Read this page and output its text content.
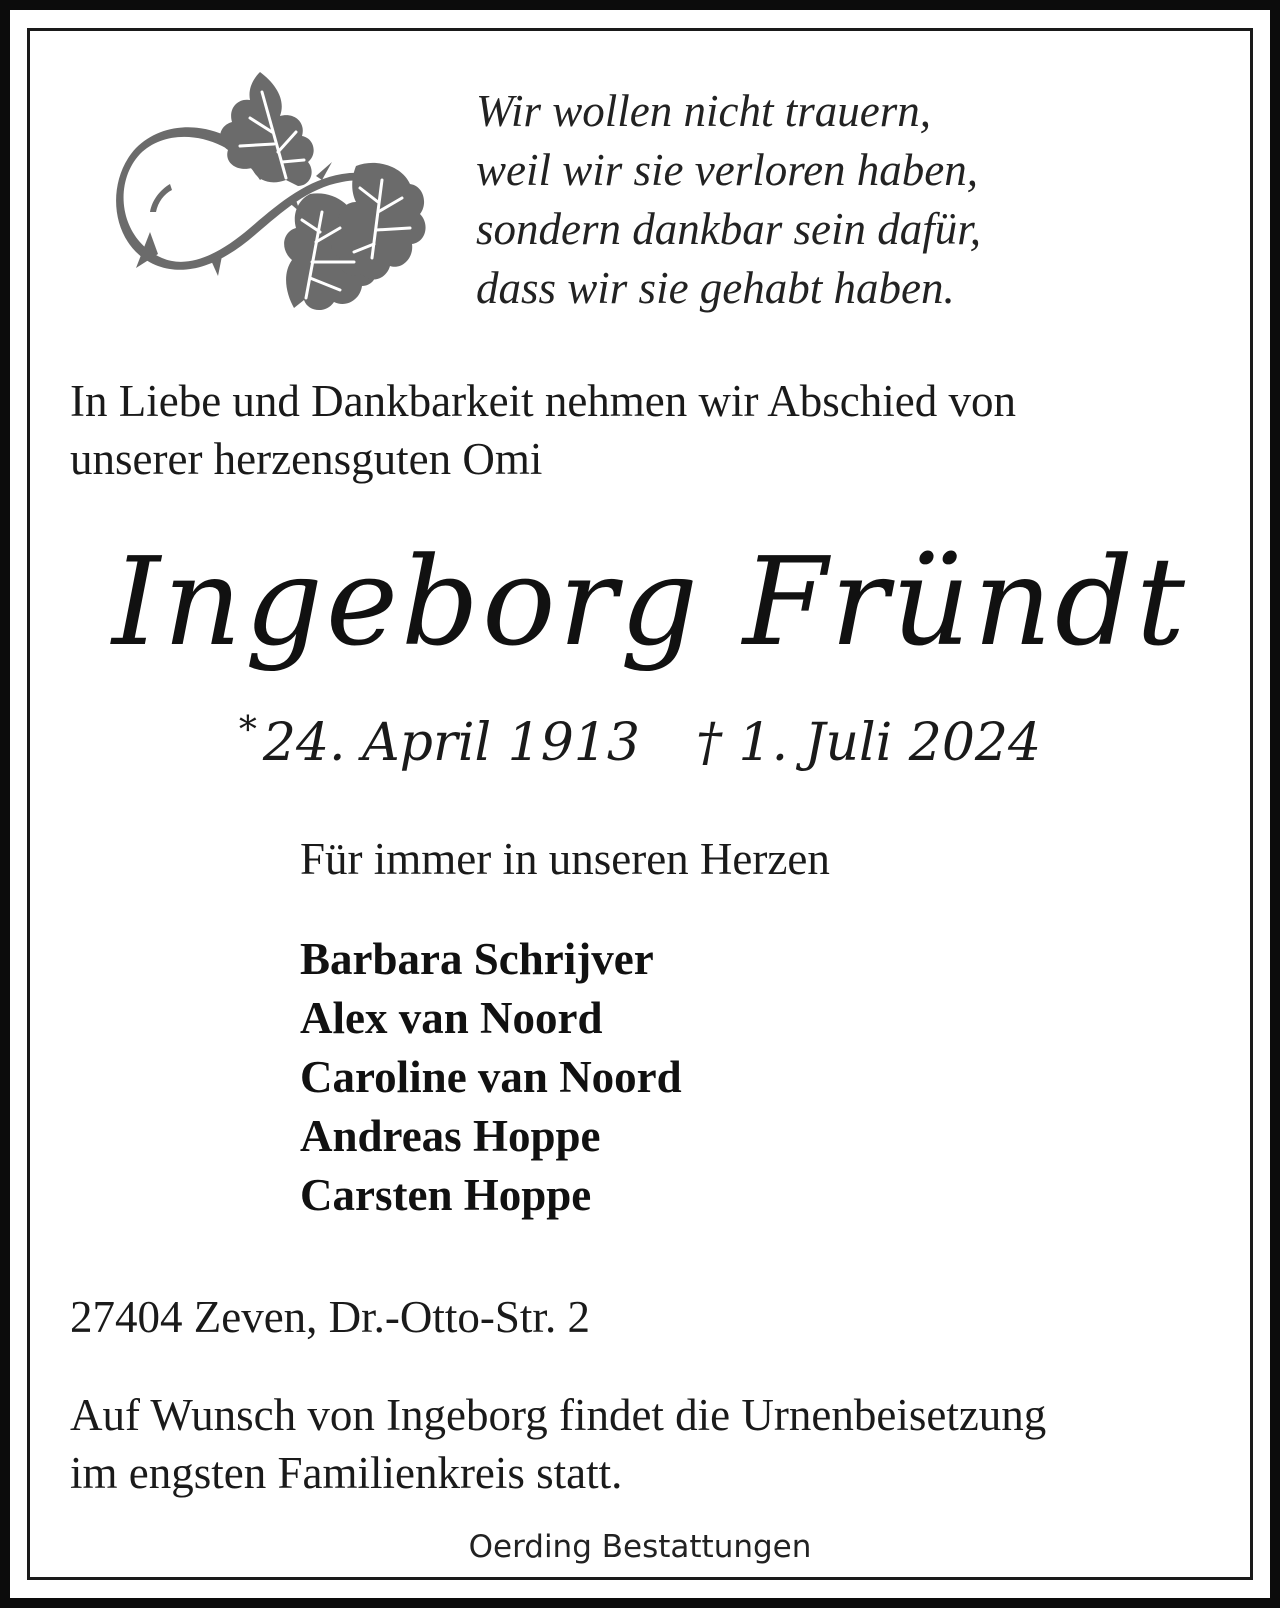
Wir wollen nicht trauern,
weil wir sie verloren haben,
sondern dankbar sein dafür,
dass wir sie gehabt haben.
In Liebe und Dankbarkeit nehmen wir Abschied von
unserer herzensguten Omi
Ingeborg Fründt
* 24. April 1913 † 1. Juli 2024
Für immer in unseren Herzen
Barbara Schrijver
Alex van Noord
Caroline van Noord
Andreas Hoppe
Carsten Hoppe
27404 Zeven, Dr.-Otto-Str. 2
Auf Wunsch von Ingeborg findet die Urnenbeisetzung
im engsten Familienkreis statt.
Oerding Bestattungen
